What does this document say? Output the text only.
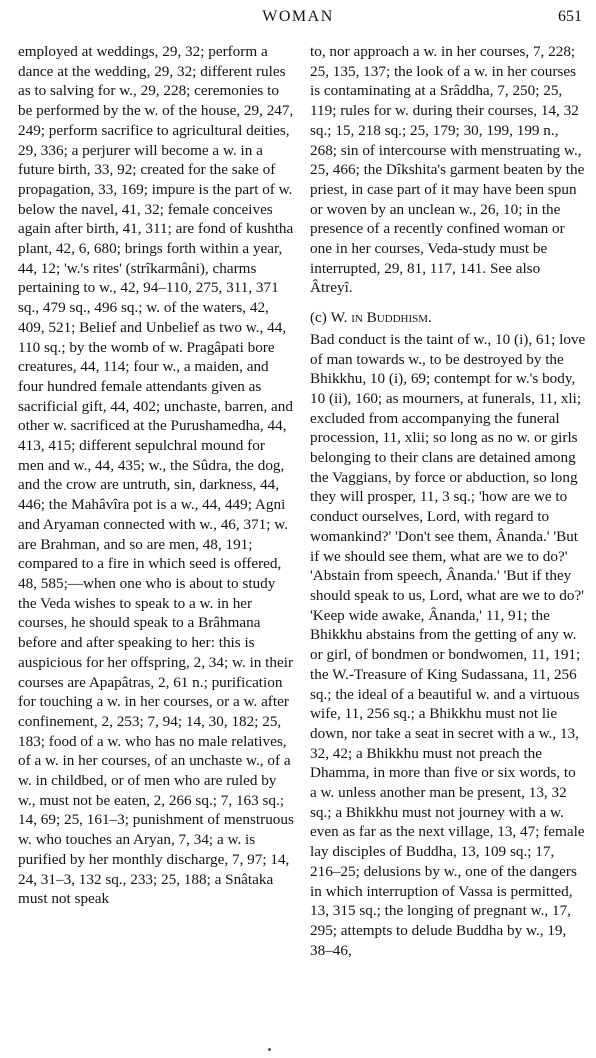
WOMAN	651

employed at weddings, 29, 32; perform a dance at the wedding, 29, 32; different rules as to salving for w., 29, 228; ceremonies to be performed by the w. of the house, 29, 247, 249; perform sacrifice to agricultural deities, 29, 336; a perjurer will become a w. in a future birth, 33, 92; created for the sake of propagation, 33, 169; impure is the part of w. below the navel, 41, 32; female conceives again after birth, 41, 311; are fond of kushtha plant, 42, 6, 680; brings forth within a year, 44, 12; 'w.'s rites' (strîkarmâni), charms pertaining to w., 42, 94–110, 275, 311, 371 sq., 479 sq., 496 sq.; w. of the waters, 42, 409, 521; Belief and Unbelief as two w., 44, 110 sq.; by the womb of w. Pragâpati bore creatures, 44, 114; four w., a maiden, and four hundred female attendants given as sacrificial gift, 44, 402; unchaste, barren, and other w. sacrificed at the Purushamedha, 44, 413, 415; different sepulchral mound for men and w., 44, 435; w., the Sûdra, the dog, and the crow are untruth, sin, darkness, 44, 446; the Mahâvîra pot is a w., 44, 449; Agni and Aryaman connected with w., 46, 371; w. are Brahman, and so are men, 48, 191; compared to a fire in which seed is offered, 48, 585;—when one who is about to study the Veda wishes to speak to a w. in her courses, he should speak to a Brâhmana before and after speaking to her: this is auspicious for her offspring, 2, 34; w. in their courses are Apapâtras, 2, 61 n.; purification for touching a w. in her courses, or a w. after confinement, 2, 253; 7, 94; 14, 30, 182; 25, 183; food of a w. who has no male relatives, of a w. in her courses, of an unchaste w., of a w. in childbed, or of men who are ruled by w., must not be eaten, 2, 266 sq.; 7, 163 sq.; 14, 69; 25, 161–3; punishment of menstruous w. who touches an Aryan, 7, 34; a w. is purified by her monthly discharge, 7, 97; 14, 24, 31–3, 132 sq., 233; 25, 188; a Snâtaka must not speak

to, nor approach a w. in her courses, 7, 228; 25, 135, 137; the look of a w. in her courses is contaminating at a Srâddha, 7, 250; 25, 119; rules for w. during their courses, 14, 32 sq.; 15, 218 sq.; 25, 179; 30, 199, 199 n., 268; sin of intercourse with menstruating w., 25, 466; the Dîkshita's garment beaten by the priest, in case part of it may have been spun or woven by an unclean w., 26, 10; in the presence of a recently confined woman or one in her courses, Veda-study must be interrupted, 29, 81, 117, 141. See also Âtreyî.

(c) W. in Buddhism.

Bad conduct is the taint of w., 10 (i), 61; love of man towards w., to be destroyed by the Bhikkhu, 10 (i), 69; contempt for w.'s body, 10 (ii), 160; as mourners, at funerals, 11, xli; excluded from accompanying the funeral procession, 11, xlii; so long as no w. or girls belonging to their clans are detained among the Vaggians, by force or abduction, so long they will prosper, 11, 3 sq.; 'how are we to conduct ourselves, Lord, with regard to womankind?' 'Don't see them, Ânanda.' 'But if we should see them, what are we to do?' 'Abstain from speech, Ânanda.' 'But if they should speak to us, Lord, what are we to do?' 'Keep wide awake, Ânanda,' 11, 91; the Bhikkhu abstains from the getting of any w. or girl, of bondmen or bondwomen, 11, 191; the W.-Treasure of King Sudassana, 11, 256 sq.; the ideal of a beautiful w. and a virtuous wife, 11, 256 sq.; a Bhikkhu must not lie down, nor take a seat in secret with a w., 13, 32, 42; a Bhikkhu must not preach the Dhamma, in more than five or six words, to a w. unless another man be present, 13, 32 sq.; a Bhikkhu must not journey with a w. even as far as the next village, 13, 47; female lay disciples of Buddha, 13, 109 sq.; 17, 216–25; delusions by w., one of the dangers in which interruption of Vassa is permitted, 13, 315 sq.; the longing of pregnant w., 17, 295; attempts to delude Buddha by w., 19, 38–46,
